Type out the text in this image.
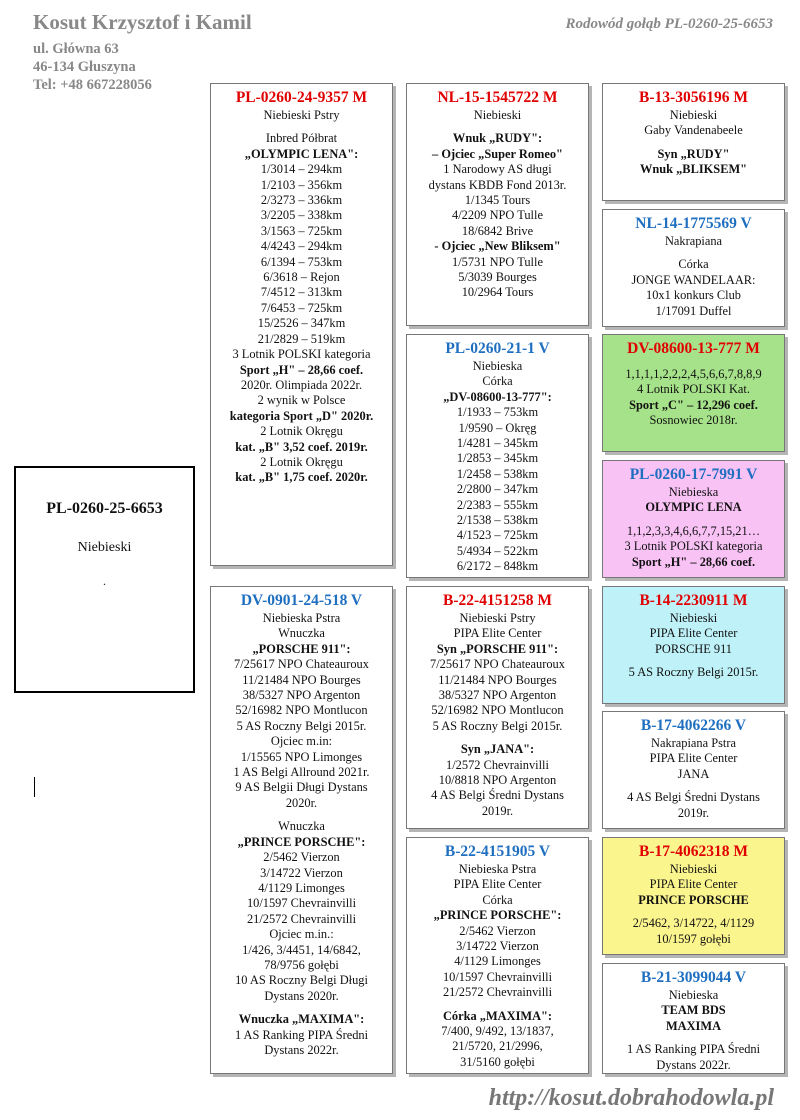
Kosut Krzysztof i Kamil
ul. Główna 63
46-134 Głuszyna
Tel: +48 667228056
Rodowód gołąb PL-0260-25-6653
PL-0260-25-6653
Niebieski
.
PL-0260-24-9357 M
Niebieski Pstry
Inbred Półbrat
„OLYMPIC LENA":
1/3014 – 294km
1/2103 – 356km
2/3273 – 336km
3/2205 – 338km
3/1563 – 725km
4/4243 – 294km
6/1394 – 753km
6/3618 – Rejon
7/4512 – 313km
7/6453 – 725km
15/2526 – 347km
21/2829 – 519km
3 Lotnik POLSKI kategoria
Sport „H" – 28,66 coef.
2020r. Olimpiada 2022r.
2 wynik w Polsce
kategoria Sport „D" 2020r.
2 Lotnik Okręgu
kat. „B" 3,52 coef. 2019r.
2 Lotnik Okręgu
kat. „B" 1,75 coef. 2020r.
NL-15-1545722 M
Niebieski
Wnuk „RUDY":
– Ojciec „Super Romeo"
1 Narodowy AS długi
dystans KBDB Fond 2013r.
1/1345 Tours
4/2209 NPO Tulle
18/6842 Brive
- Ojciec „New Bliksem"
1/5731 NPO Tulle
5/3039 Bourges
10/2964 Tours
B-13-3056196 M
Niebieski
Gaby Vandenabeele
Syn „RUDY"
Wnuk „BLIKSEM"
NL-14-1775569 V
Nakrapiana
Córka
JONGE WANDELAAR:
10x1 konkurs Club
1/17091 Duffel
PL-0260-21-1 V
Niebieska
Córka
„DV-08600-13-777":
1/1933 – 753km
1/9590 – Okręg
1/4281 – 345km
1/2853 – 345km
1/2458 – 538km
2/2800 – 347km
2/2383 – 555km
2/1538 – 538km
4/1523 – 725km
5/4934 – 522km
6/2172 – 848km
DV-08600-13-777 M
1,1,1,1,2,2,2,4,5,6,6,7,8,8,9
4 Lotnik POLSKI Kat.
Sport „C" – 12,296 coef.
Sosnowiec 2018r.
PL-0260-17-7991 V
Niebieska
OLYMPIC LENA
1,1,2,3,3,4,6,6,7,7,15,21…
3 Lotnik POLSKI kategoria
Sport „H" – 28,66 coef.
DV-0901-24-518 V
Niebieska Pstra
Wnuczka
„PORSCHE 911":
7/25617 NPO Chateauroux
11/21484 NPO Bourges
38/5327 NPO Argenton
52/16982 NPO Montlucon
5 AS Roczny Belgi 2015r.
Ojciec m.in:
1/15565 NPO Limonges
1 AS Belgi Allround 2021r.
9 AS Belgii Długi Dystans
2020r.
Wnuczka
„PRINCE PORSCHE":
2/5462 Vierzon
3/14722 Vierzon
4/1129 Limonges
10/1597 Chevrainvilli
21/2572 Chevrainvilli
Ojciec m.in.:
1/426, 3/4451, 14/6842,
78/9756 gołębi
10 AS Roczny Belgi Długi
Dystans 2020r.
Wnuczka „MAXIMA":
1 AS Ranking PIPA Średni
Dystans 2022r.
B-22-4151258 M
Niebieski Pstry
PIPA Elite Center
Syn „PORSCHE 911":
7/25617 NPO Chateauroux
11/21484 NPO Bourges
38/5327 NPO Argenton
52/16982 NPO Montlucon
5 AS Roczny Belgi 2015r.
Syn „JANA":
1/2572 Chevrainvilli
10/8818 NPO Argenton
4 AS Belgi Średni Dystans
2019r.
B-14-2230911 M
Niebieski
PIPA Elite Center
PORSCHE 911
5 AS Roczny Belgi 2015r.
B-17-4062266 V
Nakrapiana Pstra
PIPA Elite Center
JANA
4 AS Belgi Średni Dystans
2019r.
B-22-4151905 V
Niebieska Pstra
PIPA Elite Center
Córka
„PRINCE PORSCHE":
2/5462 Vierzon
3/14722 Vierzon
4/1129 Limonges
10/1597 Chevrainvilli
21/2572 Chevrainvilli
Córka „MAXIMA":
7/400, 9/492, 13/1837,
21/5720, 21/2996,
31/5160 gołębi
B-17-4062318 M
Niebieski
PIPA Elite Center
PRINCE PORSCHE
2/5462, 3/14722, 4/1129
10/1597 gołębi
B-21-3099044 V
Niebieska
TEAM BDS
MAXIMA
1 AS Ranking PIPA Średni
Dystans 2022r.
http://kosut.dobrahodowla.pl
